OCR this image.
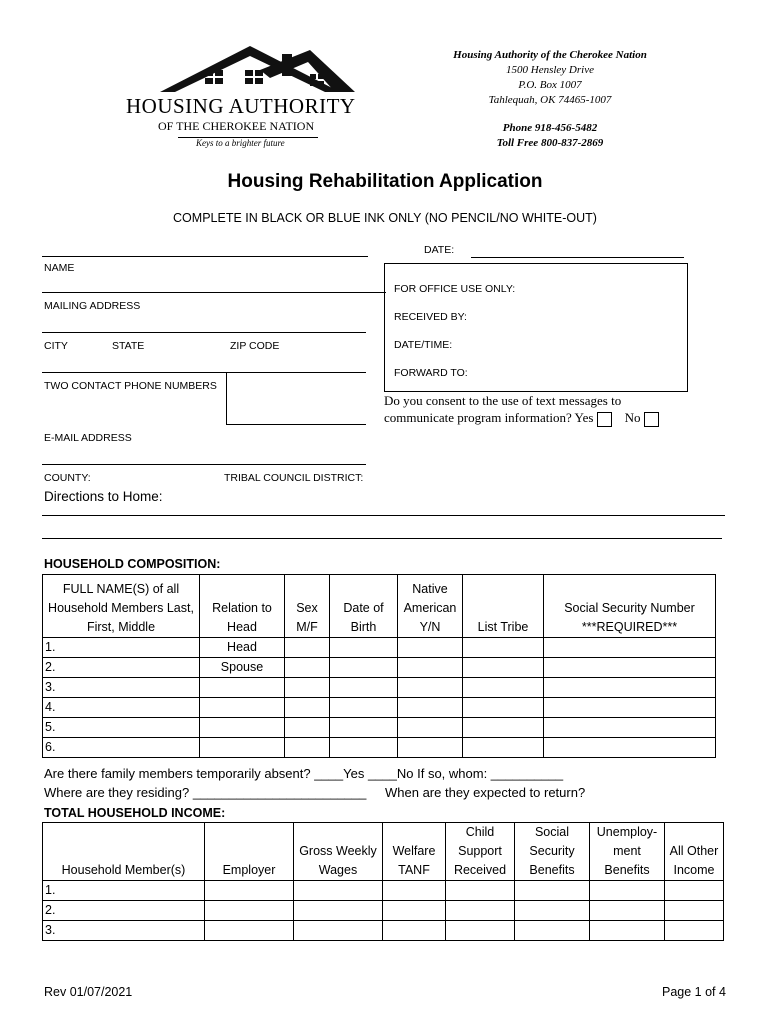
HOUSING AUTHORITY
OF THE CHEROKEE NATION
Keys to a brighter future
Housing Authority of the Cherokee Nation
1500 Hensley Drive
P.O. Box 1007
Tahlequah, OK 74465-1007
Phone 918-456-5482
Toll Free 800-837-2869
Housing Rehabilitation Application
COMPLETE IN BLACK OR BLUE INK ONLY (NO PENCIL/NO WHITE-OUT)
NAME
MAILING ADDRESS
CITY	STATE	ZIP CODE
TWO CONTACT PHONE NUMBERS
E-MAIL ADDRESS
COUNTY:	TRIBAL COUNCIL DISTRICT:
Directions to Home:
DATE:
FOR OFFICE USE ONLY:
RECEIVED BY:
DATE/TIME:
FORWARD TO:
Do you consent to the use of text messages to
communicate program information? Yes No
HOUSEHOLD COMPOSITION:
FULL NAME(S) of all Household Members Last, First, Middle	Relation to Head	Sex M/F	Date of Birth	Native American Y/N	List Tribe	Social Security Number ***REQUIRED***
1.	Head					
2.	Spouse					
3.						
4.						
5.						
6.						
Are there family members temporarily absent? ____Yes ____No If so, whom: __________
Where are they residing? ________________________ When are they expected to return?
TOTAL HOUSEHOLD INCOME:
Household Member(s)	Employer	Gross Weekly Wages	Welfare TANF	Child Support Received	Social Security Benefits	Unemploy- ment Benefits	All Other Income
1.							
2.							
3.							
Rev 01/07/2021	Page 1 of 4
